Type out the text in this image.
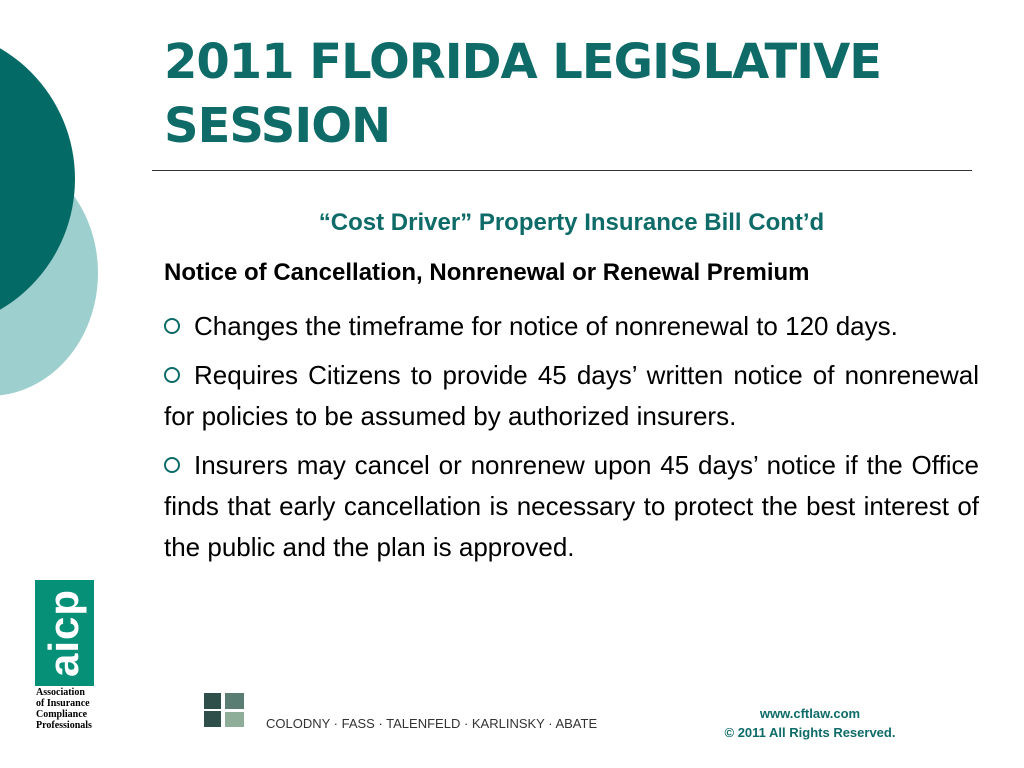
2011 FLORIDA LEGISLATIVE
SESSION

“Cost Driver” Property Insurance Bill Cont’d

Notice of Cancellation, Nonrenewal or Renewal Premium

Changes the timeframe for notice of nonrenewal to 120 days.
Requires Citizens to provide 45 days’ written notice of nonrenewal for policies to be assumed by authorized insurers.
Insurers may cancel or nonrenew upon 45 days’ notice if the Office finds that early cancellation is necessary to protect the best interest of the public and the plan is approved.
aicp
Association
of Insurance
Compliance
Professionals	COLODNY · FASS · TALENFELD · KARLINSKY · ABATE
www.cftlaw.com
© 2011 All Rights Reserved.
